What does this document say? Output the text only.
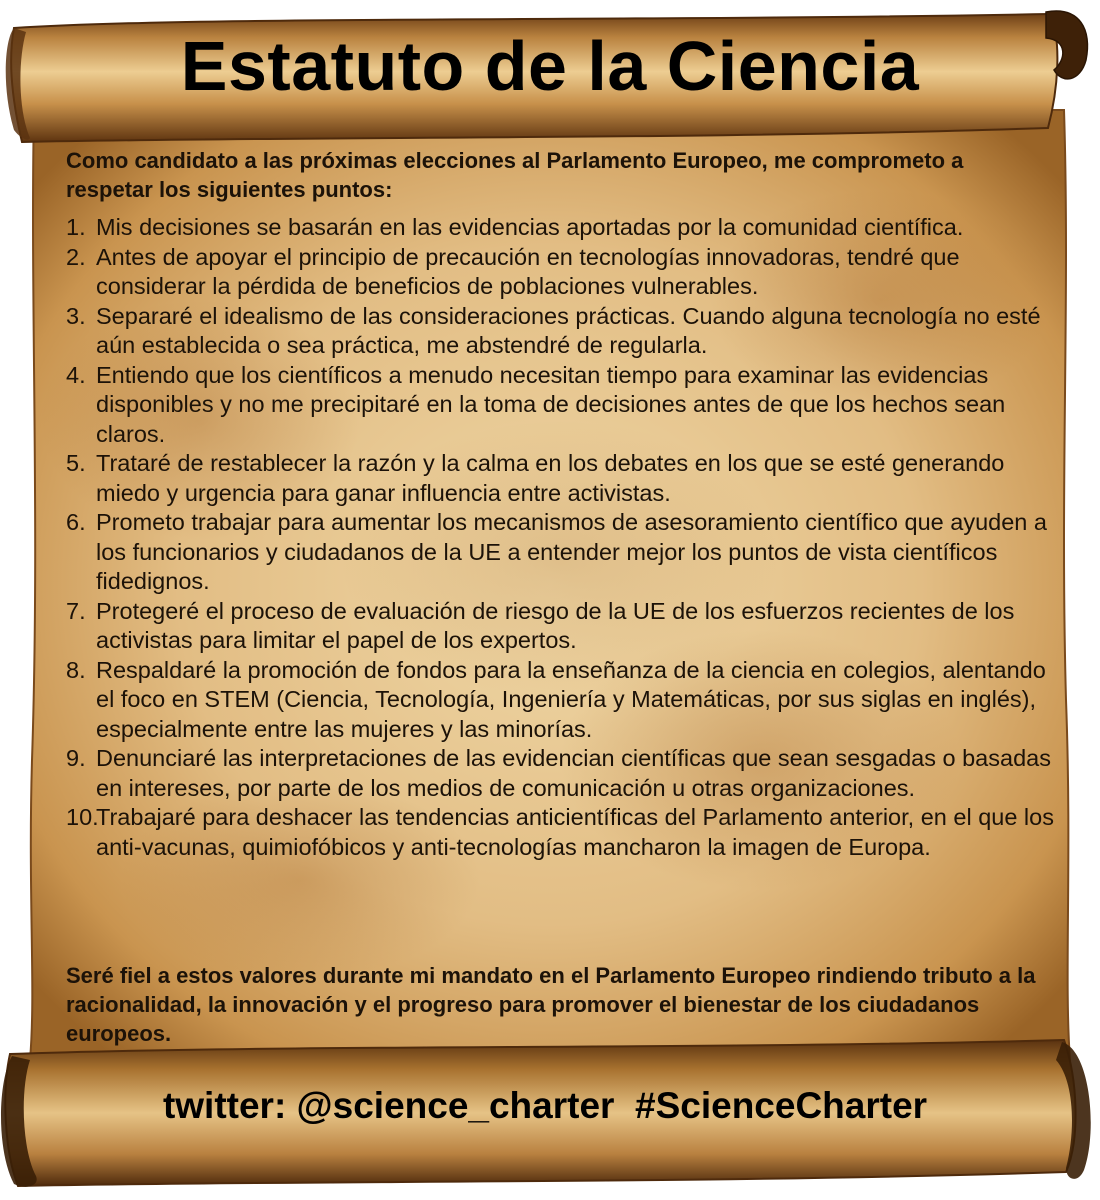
Estatuto de la Ciencia

Como candidato a las próximas elecciones al Parlamento Europeo, me comprometo a respetar los siguientes puntos:

1. Mis decisiones se basarán en las evidencias aportadas por la comunidad científica.
2. Antes de apoyar el principio de precaución en tecnologías innovadoras, tendré que considerar la pérdida de beneficios de poblaciones vulnerables.
3. Separaré el idealismo de las consideraciones prácticas. Cuando alguna tecnología no esté aún establecida o sea práctica, me abstendré de regularla.
4. Entiendo que los científicos a menudo necesitan tiempo para examinar las evidencias disponibles y no me precipitaré en la toma de decisiones antes de que los hechos sean claros.
5. Trataré de restablecer la razón y la calma en los debates en los que se esté generando miedo y urgencia para ganar influencia entre activistas.
6. Prometo trabajar para aumentar los mecanismos de asesoramiento científico que ayuden a los funcionarios y ciudadanos de la UE a entender mejor los puntos de vista científicos fidedignos.
7. Protegeré el proceso de evaluación de riesgo de la UE de los esfuerzos recientes de los activistas para limitar el papel de los expertos.
8. Respaldaré la promoción de fondos para la enseñanza de la ciencia en colegios, alentando el foco en STEM (Ciencia, Tecnología, Ingeniería y Matemáticas, por sus siglas en inglés), especialmente entre las mujeres y las minorías.
9. Denunciaré las interpretaciones de las evidencian científicas que sean sesgadas o basadas en intereses, por parte de los medios de comunicación u otras organizaciones.
10.
Trabajaré para deshacer las tendencias anticientíficas del Parlamento anterior, en el que los anti-vacunas, quimiofóbicos y anti-tecnologías mancharon la imagen de Europa.

Seré fiel a estos valores durante mi mandato en el Parlamento Europeo rindiendo tributo a la racionalidad, la innovación y el progreso para promover el bienestar de los ciudadanos europeos.

twitter: @science_charter #ScienceCharter
